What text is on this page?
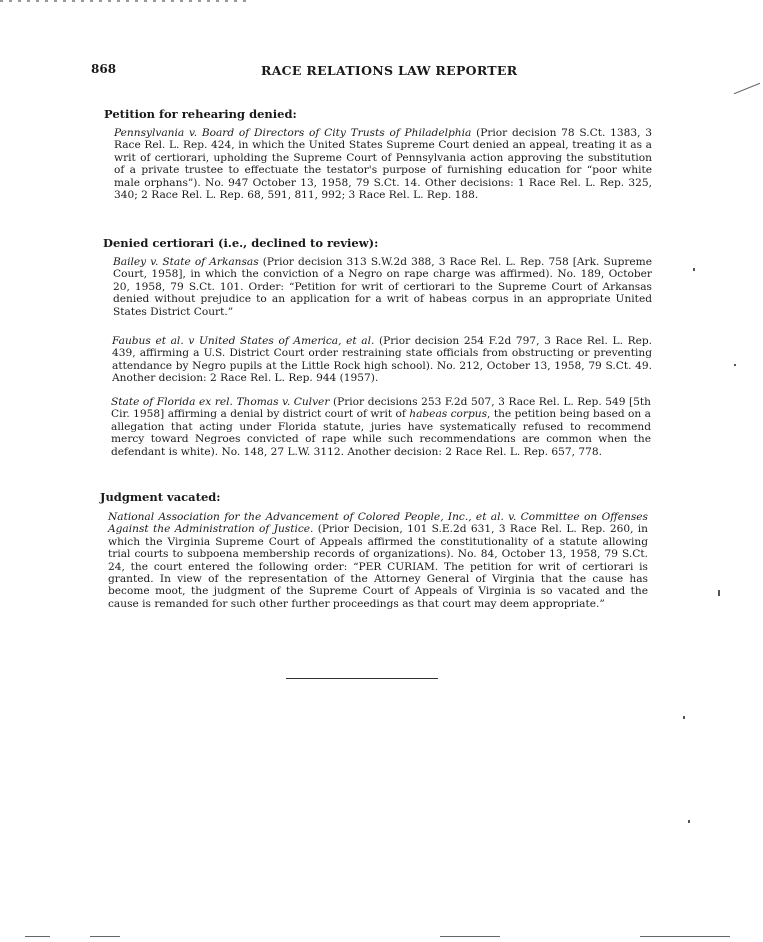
868	RACE RELATIONS LAW REPORTER
Petition for rehearing denied:
Pennsylvania v. Board of Directors of City Trusts of Philadelphia (Prior decision 78 S.Ct. 1383, 3 Race Rel. L. Rep. 424, in which the United States Supreme Court denied an appeal, treating it as a writ of certiorari, upholding the Supreme Court of Pennsylvania action approving the substitution of a private trustee to effectuate the testator's purpose of furnishing education for “poor white male orphans”). No. 947 October 13, 1958, 79 S.Ct. 14. Other decisions: 1 Race Rel. L. Rep. 325, 340; 2 Race Rel. L. Rep. 68, 591, 811, 992; 3 Race Rel. L. Rep. 188.
Denied certiorari (i.e., declined to review):
Bailey v. State of Arkansas (Prior decision 313 S.W.2d 388, 3 Race Rel. L. Rep. 758 [Ark. Supreme Court, 1958], in which the conviction of a Negro on rape charge was affirmed). No. 189, October 20, 1958, 79 S.Ct. 101. Order: “Petition for writ of certiorari to the Supreme Court of Arkansas denied without prejudice to an application for a writ of habeas corpus in an appropriate United States District Court.”
Faubus et al. v United States of America, et al. (Prior decision 254 F.2d 797, 3 Race Rel. L. Rep. 439, affirming a U.S. District Court order restraining state officials from obstructing or preventing attendance by Negro pupils at the Little Rock high school). No. 212, October 13, 1958, 79 S.Ct. 49. Another decision: 2 Race Rel. L. Rep. 944 (1957).
State of Florida ex rel. Thomas v. Culver (Prior decisions 253 F.2d 507, 3 Race Rel. L. Rep. 549 [5th Cir. 1958] affirming a denial by district court of writ of habeas corpus, the petition being based on a allegation that acting under Florida statute, juries have systematically refused to recommend mercy toward Negroes convicted of rape while such recommendations are common when the defendant is white). No. 148, 27 L.W. 3112. Another decision: 2 Race Rel. L. Rep. 657, 778.
Judgment vacated:
National Association for the Advancement of Colored People, Inc., et al. v. Committee on Offenses Against the Administration of Justice. (Prior Decision, 101 S.E.2d 631, 3 Race Rel. L. Rep. 260, in which the Virginia Supreme Court of Appeals affirmed the constitutionality of a statute allowing trial courts to subpoena membership records of organizations). No. 84, October 13, 1958, 79 S.Ct. 24, the court entered the following order: “PER CURIAM. The petition for writ of certiorari is granted. In view of the representation of the Attorney General of Virginia that the cause has become moot, the judgment of the Supreme Court of Appeals of Virginia is so vacated and the cause is remanded for such other further proceedings as that court may deem appropriate.”
